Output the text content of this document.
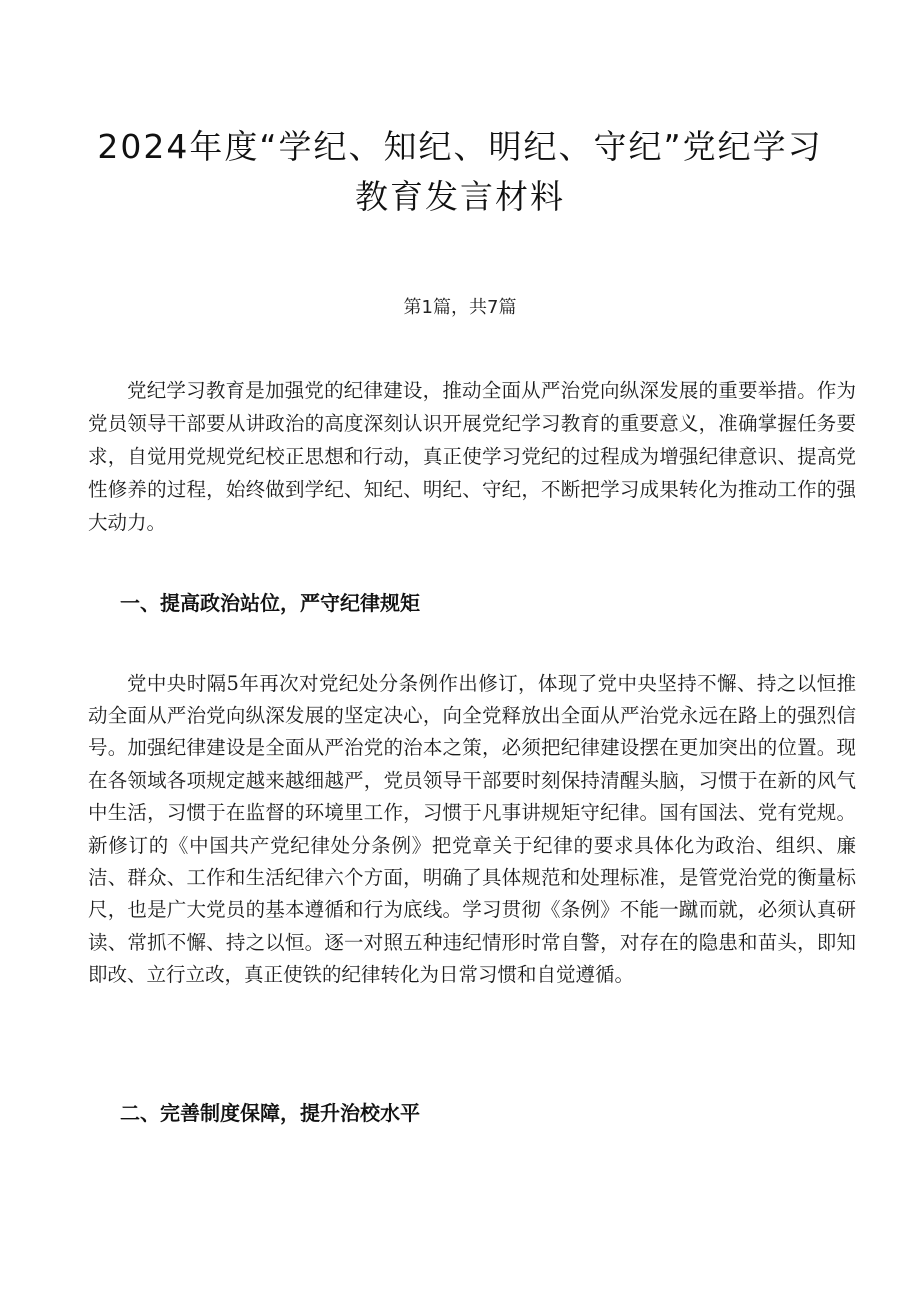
2024年度“学纪、知纪、明纪、守纪”党纪学习教育发言材料
第1篇，共7篇

党纪学习教育是加强党的纪律建设，推动全面从严治党向纵深发展的重要举措。作为党员领导干部要从讲政治的高度深刻认识开展党纪学习教育的重要意义，准确掌握任务要求，自觉用党规党纪校正思想和行动，真正使学习党纪的过程成为增强纪律意识、提高党性修养的过程，始终做到学纪、知纪、明纪、守纪，不断把学习成果转化为推动工作的强大动力。

一、提高政治站位，严守纪律规矩

党中央时隔5年再次对党纪处分条例作出修订，体现了党中央坚持不懈、持之以恒推动全面从严治党向纵深发展的坚定决心，向全党释放出全面从严治党永远在路上的强烈信号。加强纪律建设是全面从严治党的治本之策，必须把纪律建设摆在更加突出的位置。现在各领域各项规定越来越细越严，党员领导干部要时刻保持清醒头脑，习惯于在新的风气中生活，习惯于在监督的环境里工作，习惯于凡事讲规矩守纪律。国有国法、党有党规。新修订的《中国共产党纪律处分条例》把党章关于纪律的要求具体化为政治、组织、廉洁、群众、工作和生活纪律六个方面，明确了具体规范和处理标准，是管党治党的衡量标尺，也是广大党员的基本遵循和行为底线。学习贯彻《条例》不能一蹴而就，必须认真研读、常抓不懈、持之以恒。逐一对照五种违纪情形时常自警，对存在的隐患和苗头，即知即改、立行立改，真正使铁的纪律转化为日常习惯和自觉遵循。

二、完善制度保障，提升治校水平
